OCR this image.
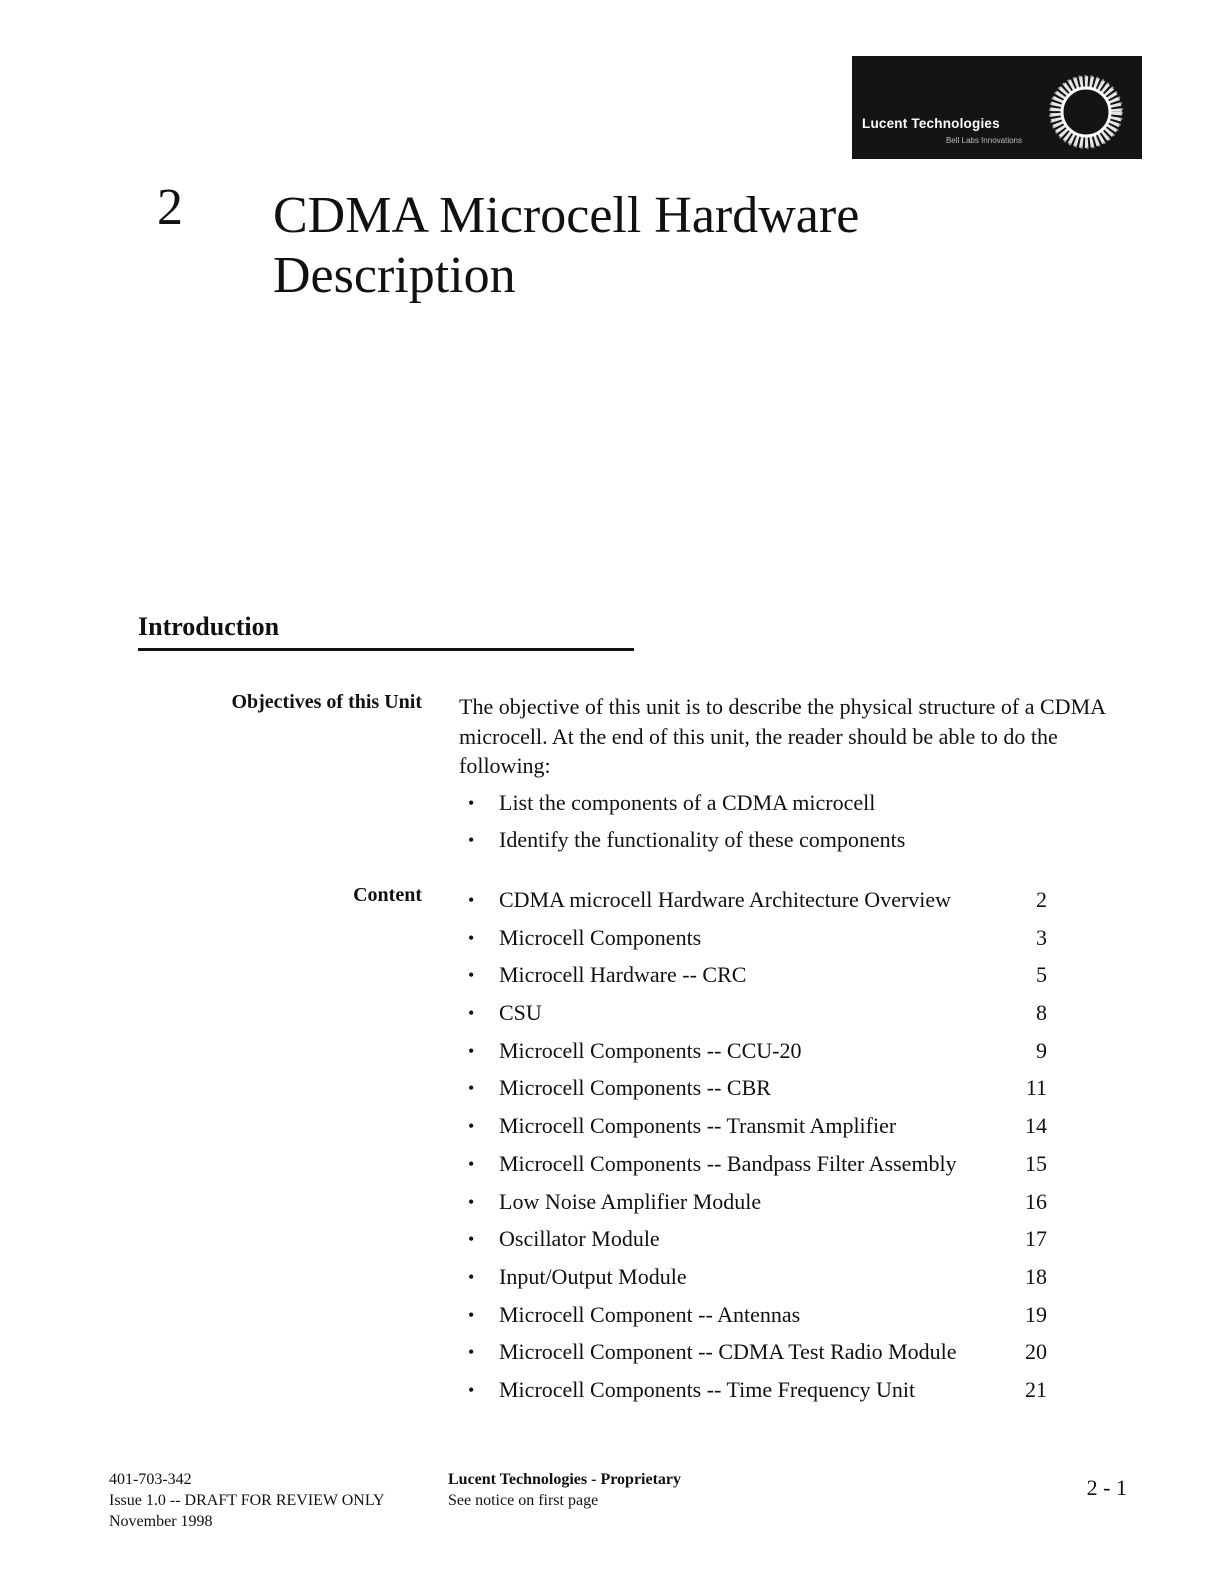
Lucent Technologies
Bell Labs Innovations
2 CDMA Microcell Hardware
Description
Introduction
Objectives of this Unit The objective of this unit is to describe the physical structure of a CDMA microcell. At the end of this unit, the reader should be able to do the following:

• List the components of a CDMA microcell
• Identify the functionality of these components
Content	• CDMA microcell Hardware Architecture Overview	2
• Microcell Components	3
• Microcell Hardware -- CRC	5
• CSU	8
• Microcell Components -- CCU-20	9
• Microcell Components -- CBR	11
• Microcell Components -- Transmit Amplifier	14
• Microcell Components -- Bandpass Filter Assembly	15
• Low Noise Amplifier Module	16
• Oscillator Module	17
• Input/Output Module	18
• Microcell Component -- Antennas	19
• Microcell Component -- CDMA Test Radio Module	20
• Microcell Components -- Time Frequency Unit	21
401-703-342
Issue 1.0 -- DRAFT FOR REVIEW ONLY
November 1998
Lucent Technologies - Proprietary
See notice on first page
2 - 1
